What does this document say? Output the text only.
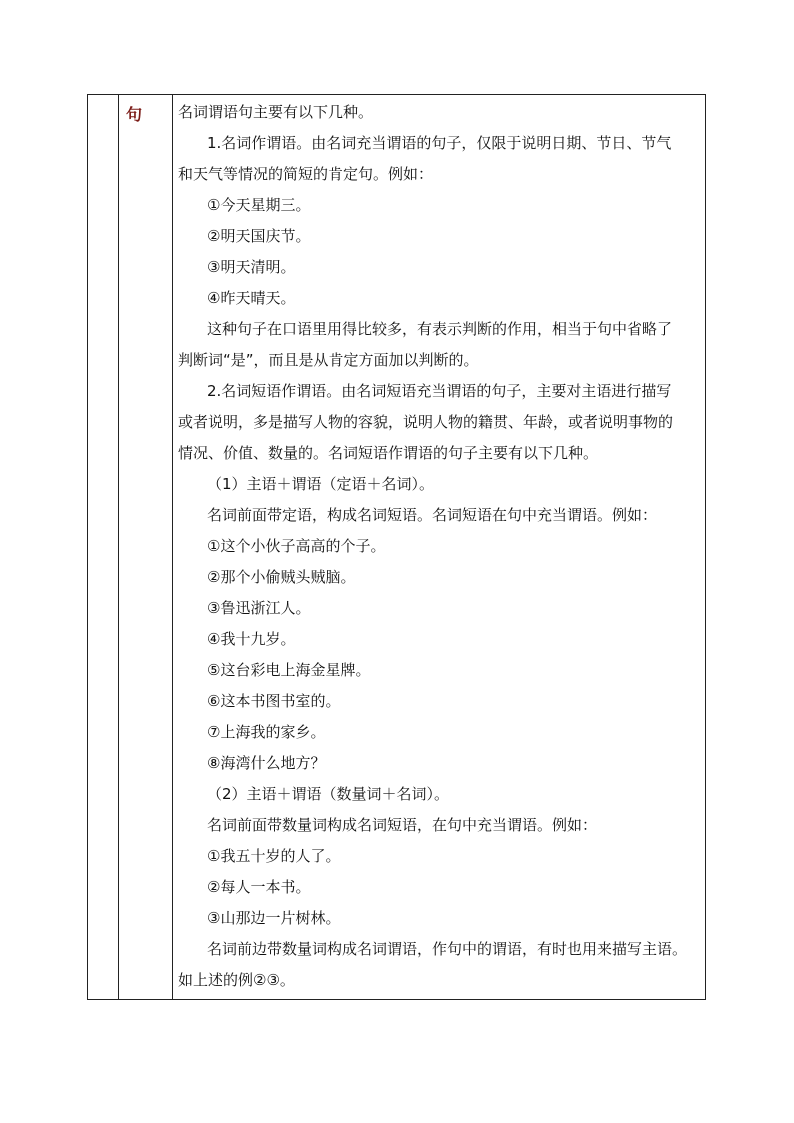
句 名词谓语句主要有以下几种。
1.名词作谓语。由名词充当谓语的句子，仅限于说明日期、节日、节气
和天气等情况的简短的肯定句。例如：
①今天星期三。
②明天国庆节。
③明天清明。
④昨天晴天。
这种句子在口语里用得比较多，有表示判断的作用，相当于句中省略了
判断词“是”，而且是从肯定方面加以判断的。
2.名词短语作谓语。由名词短语充当谓语的句子，主要对主语进行描写
或者说明，多是描写人物的容貌，说明人物的籍贯、年龄，或者说明事物的
情况、价值、数量的。名词短语作谓语的句子主要有以下几种。
（1）主语＋谓语（定语＋名词）。
名词前面带定语，构成名词短语。名词短语在句中充当谓语。例如：
①这个小伙子高高的个子。
②那个小偷贼头贼脑。
③鲁迅浙江人。
④我十九岁。
⑤这台彩电上海金星牌。
⑥这本书图书室的。
⑦上海我的家乡。
⑧海湾什么地方？
（2）主语＋谓语（数量词＋名词）。
名词前面带数量词构成名词短语，在句中充当谓语。例如：
①我五十岁的人了。
②每人一本书。
③山那边一片树林。
名词前边带数量词构成名词谓语，作句中的谓语，有时也用来描写主语。
如上述的例②③。
